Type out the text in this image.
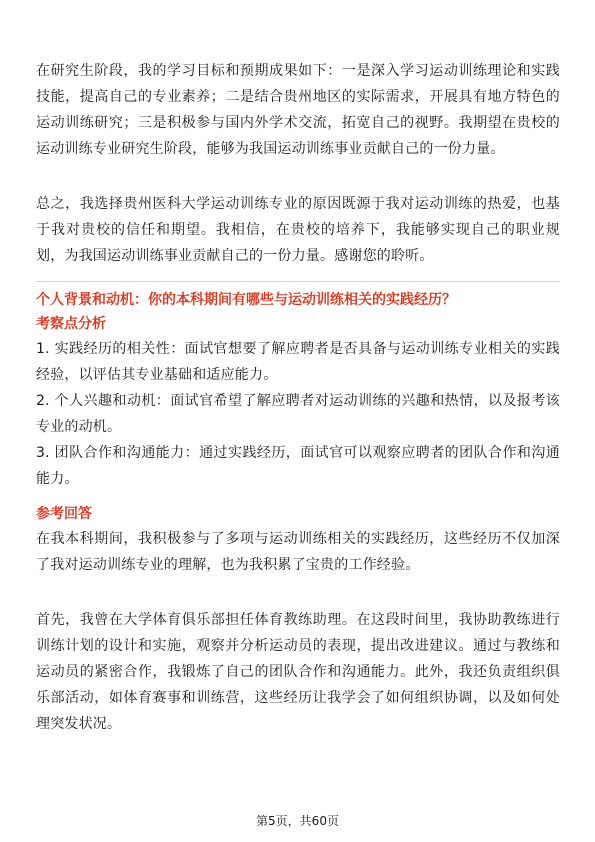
在研究生阶段，我的学习目标和预期成果如下：一是深入学习运动训练理论和实践技能，提高自己的专业素养；二是结合贵州地区的实际需求，开展具有地方特色的运动训练研究；三是积极参与国内外学术交流，拓宽自己的视野。我期望在贵校的运动训练专业研究生阶段，能够为我国运动训练事业贡献自己的一份力量。

总之，我选择贵州医科大学运动训练专业的原因既源于我对运动训练的热爱，也基于我对贵校的信任和期望。我相信，在贵校的培养下，我能够实现自己的职业规划，为我国运动训练事业贡献自己的一份力量。感谢您的聆听。

个人背景和动机：你的本科期间有哪些与运动训练相关的实践经历？
考察点分析

1. 实践经历的相关性：面试官想要了解应聘者是否具备与运动训练专业相关的实践经验，以评估其专业基础和适应能力。

2. 个人兴趣和动机：面试官希望了解应聘者对运动训练的兴趣和热情，以及报考该专业的动机。

3. 团队合作和沟通能力：通过实践经历，面试官可以观察应聘者的团队合作和沟通能力。

参考回答

在我本科期间，我积极参与了多项与运动训练相关的实践经历，这些经历不仅加深了我对运动训练专业的理解，也为我积累了宝贵的工作经验。

首先，我曾在大学体育俱乐部担任体育教练助理。在这段时间里，我协助教练进行训练计划的设计和实施，观察并分析运动员的表现，提出改进建议。通过与教练和运动员的紧密合作，我锻炼了自己的团队合作和沟通能力。此外，我还负责组织俱乐部活动，如体育赛事和训练营，这些经历让我学会了如何组织协调，以及如何处理突发状况。

第5页，共60页
